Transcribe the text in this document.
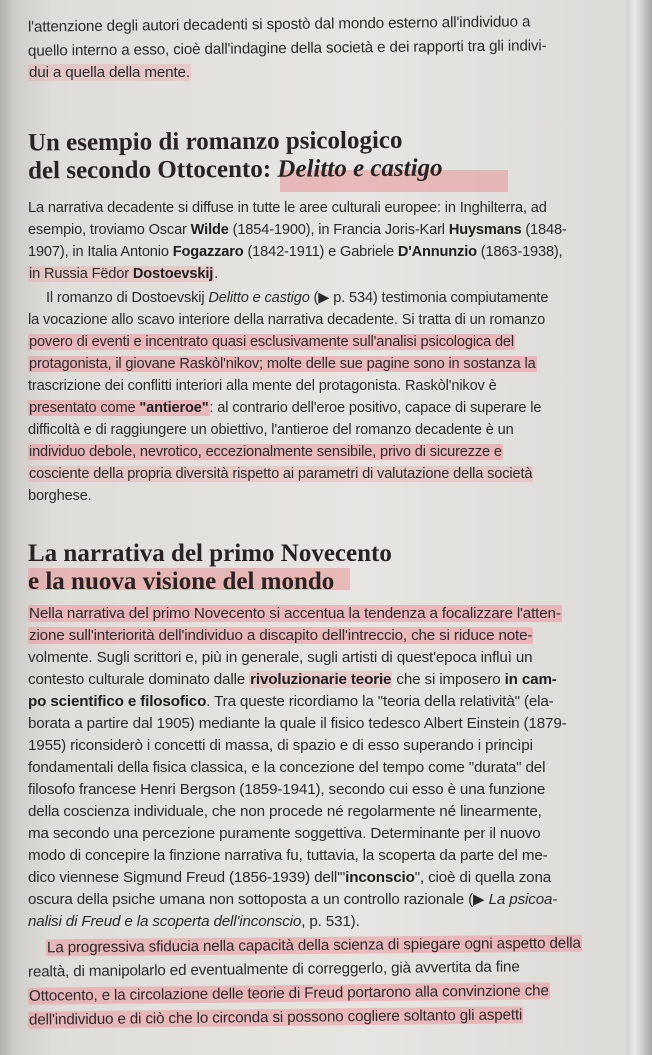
l'attenzione degli autori decadenti si spostò dal mondo esterno all'individuo a
quello interno a esso, cioè dall'indagine della società e dei rapporti tra gli indivi-
dui a quella della mente.
Un esempio di romanzo psicologico
del secondo Ottocento: Delitto e castigo
La narrativa decadente si diffuse in tutte le aree culturali europee: in Inghilterra, ad
esempio, troviamo Oscar Wilde (1854-1900), in Francia Joris-Karl Huysmans (1848-
1907), in Italia Antonio Fogazzaro (1842-1911) e Gabriele D'Annunzio (1863-1938),
in Russia Fëdor Dostoevskij.
Il romanzo di Dostoevskij Delitto e castigo (▶ p. 534) testimonia compiutamente
la vocazione allo scavo interiore della narrativa decadente. Si tratta di un romanzo
povero di eventi e incentrato quasi esclusivamente sull'analisi psicologica del
protagonista, il giovane Raskòl'nikov; molte delle sue pagine sono in sostanza la
trascrizione dei conflitti interiori alla mente del protagonista. Raskòl'nikov è
presentato come "antieroe": al contrario dell'eroe positivo, capace di superare le
difficoltà e di raggiungere un obiettivo, l'antieroe del romanzo decadente è un
individuo debole, nevrotico, eccezionalmente sensibile, privo di sicurezze e
cosciente della propria diversità rispetto ai parametri di valutazione della società
borghese.
La narrativa del primo Novecento
e la nuova visione del mondo
Nella narrativa del primo Novecento si accentua la tendenza a focalizzare l'atten-
zione sull'interiorità dell'individuo a discapito dell'intreccio, che si riduce note-
volmente. Sugli scrittori e, più in generale, sugli artisti di quest'epoca influì un
contesto culturale dominato dalle rivoluzionarie teorie che si imposero in cam-
po scientifico e filosofico. Tra queste ricordiamo la "teoria della relatività" (ela-
borata a partire dal 1905) mediante la quale il fisico tedesco Albert Einstein (1879-
1955) riconsiderò i concetti di massa, di spazio e di esso superando i princìpi
fondamentali della fisica classica, e la concezione del tempo come "durata" del
filosofo francese Henri Bergson (1859-1941), secondo cui esso è una funzione
della coscienza individuale, che non procede né regolarmente né linearmente,
ma secondo una percezione puramente soggettiva. Determinante per il nuovo
modo di concepire la finzione narrativa fu, tuttavia, la scoperta da parte del me-
dico viennese Sigmund Freud (1856-1939) dell'"inconscio", cioè di quella zona
oscura della psiche umana non sottoposta a un controllo razionale (▶ La psicoa-
nalisi di Freud e la scoperta dell'inconscio, p. 531).
La progressiva sfiducia nella capacità della scienza di spiegare ogni aspetto della
realtà, di manipolarlo ed eventualmente di correggerlo, già avvertita da fine
Ottocento, e la circolazione delle teorie di Freud portarono alla convinzione che
dell'individuo e di ciò che lo circonda si possono cogliere soltanto gli aspetti
